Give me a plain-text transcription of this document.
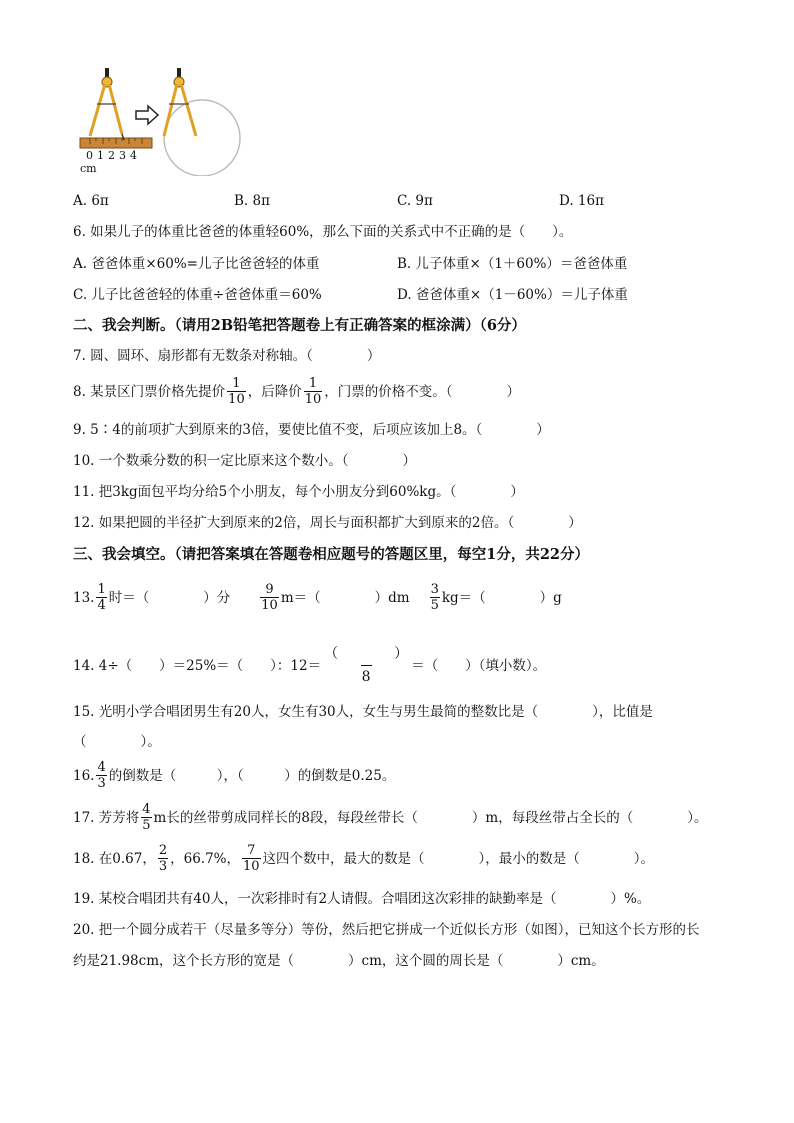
01234
cm
A. 6π	B. 8π	C. 9π	D. 16π
6. 如果儿子的体重比爸爸的体重轻60%，那么下面的关系式中不正确的是（　　）。
A. 爸爸体重×60%=儿子比爸爸轻的体重	B. 儿子体重×（1＋60%）＝爸爸体重
C. 儿子比爸爸轻的体重÷爸爸体重＝60%	D. 爸爸体重×（1－60%）＝儿子体重
二、我会判断。（请用2B铅笔把答题卷上有正确答案的框涂满）（6分）
7. 圆、圆环、扇形都有无数条对称轴。（　　　　）
8. 某景区门票价格先提价 $\frac{1}{10}$ ，后降价 $\frac{1}{10}$ ，门票的价格不变。（　　　　）
9. 5∶4的前项扩大到原来的3倍，要使比值不变，后项应该加上8。（　　　　）
10. 一个数乘分数的积一定比原来这个数小。（　　　　）
11. 把3kg面包平均分给5个小朋友，每个小朋友分到60%kg。（　　　　）
12. 如果把圆的半径扩大到原来的2倍，周长与面积都扩大到原来的2倍。（　　　　）
三、我会填空。（请把答案填在答题卷相应题号的答题区里，每空1分，共22分）
13. $\frac{1}{4}$ 时＝（　　　　）分 $\frac{9}{10} m=$（　　　　）$dm \frac{3}{5} kg=$（　　　　）g
14. 4÷（　　）＝25%＝（　　）：$12= \frac{( )}{8}$ ＝（　　）（填小数）。
15. 光明小学合唱团男生有20人，女生有30人，女生与男生最简的整数比是（　　　　），比值是
（　　　　）。
16. $\frac{4}{3}$ 的倒数是（　　　），（　　　）的倒数是0.25。
17. 芳芳将 $\frac{4}{5}$ m长的丝带剪成同样长的8段，每段丝带长（　　　　）m，每段丝带占全长的（　　　　）。
18. 在0.67， $\frac{2}{3}$ ，66.7%， $\frac{7}{10}$ 这四个数中，最大的数是（　　　　），最小的数是（　　　　）。
19. 某校合唱团共有40人，一次彩排时有2人请假。合唱团这次彩排的缺勤率是（　　　　）%。
20. 把一个圆分成若干（尽量多等分）等份，然后把它拼成一个近似长方形（如图），已知这个长方形的长
约是21.98cm，这个长方形的宽是（　　　　）cm，这个圆的周长是（　　　　）cm。
